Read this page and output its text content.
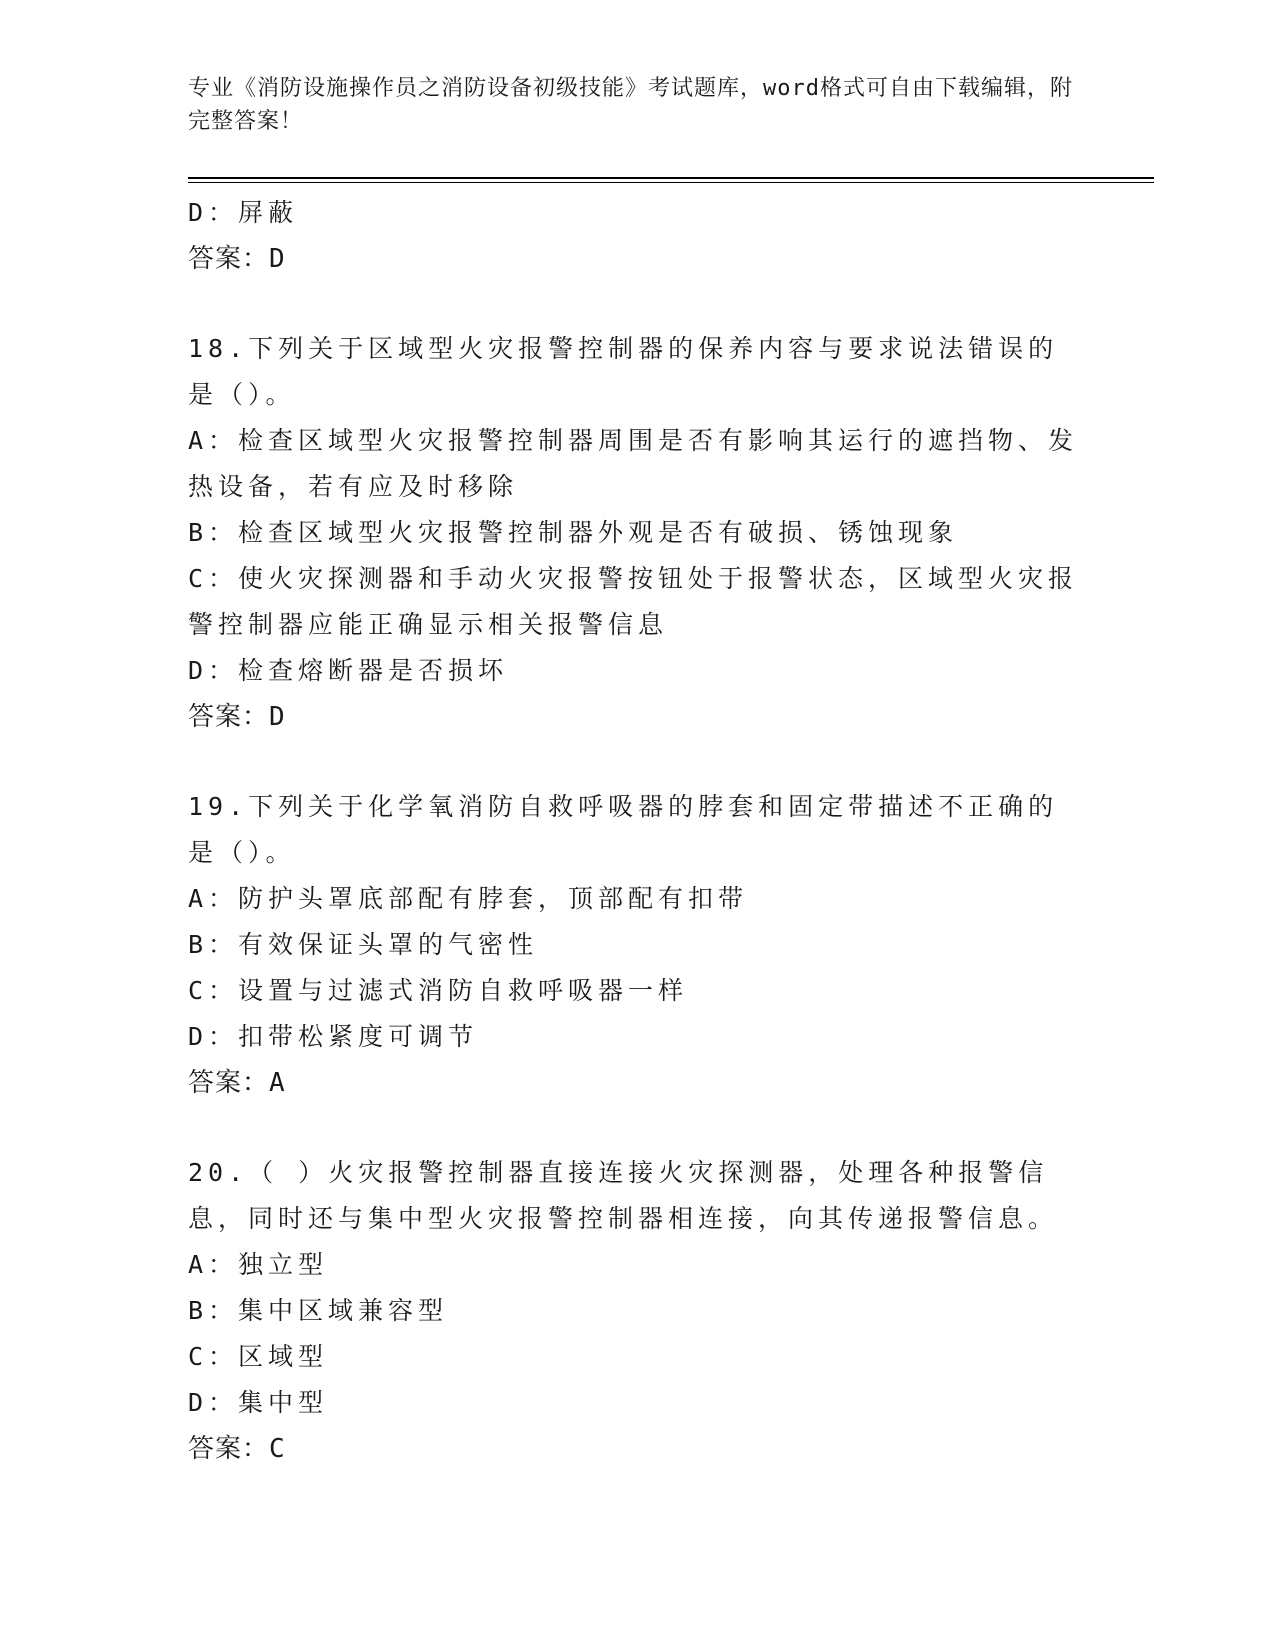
专业《消防设施操作员之消防设备初级技能》考试题库，word格式可自由下载编辑，附完整答案！
D：屏蔽
答案：D
18.下列关于区域型火灾报警控制器的保养内容与要求说法错误的是（）。
A：检查区域型火灾报警控制器周围是否有影响其运行的遮挡物、发热设备，若有应及时移除
B：检查区域型火灾报警控制器外观是否有破损、锈蚀现象
C：使火灾探测器和手动火灾报警按钮处于报警状态，区域型火灾报警控制器应能正确显示相关报警信息
D：检查熔断器是否损坏
答案：D
19.下列关于化学氧消防自救呼吸器的脖套和固定带描述不正确的是（）。
A：防护头罩底部配有脖套，顶部配有扣带
B：有效保证头罩的气密性
C：设置与过滤式消防自救呼吸器一样
D：扣带松紧度可调节
答案：A
20.（ ）火灾报警控制器直接连接火灾探测器，处理各种报警信息，同时还与集中型火灾报警控制器相连接，向其传递报警信息。
A：独立型
B：集中区域兼容型
C：区域型
D：集中型
答案：C
